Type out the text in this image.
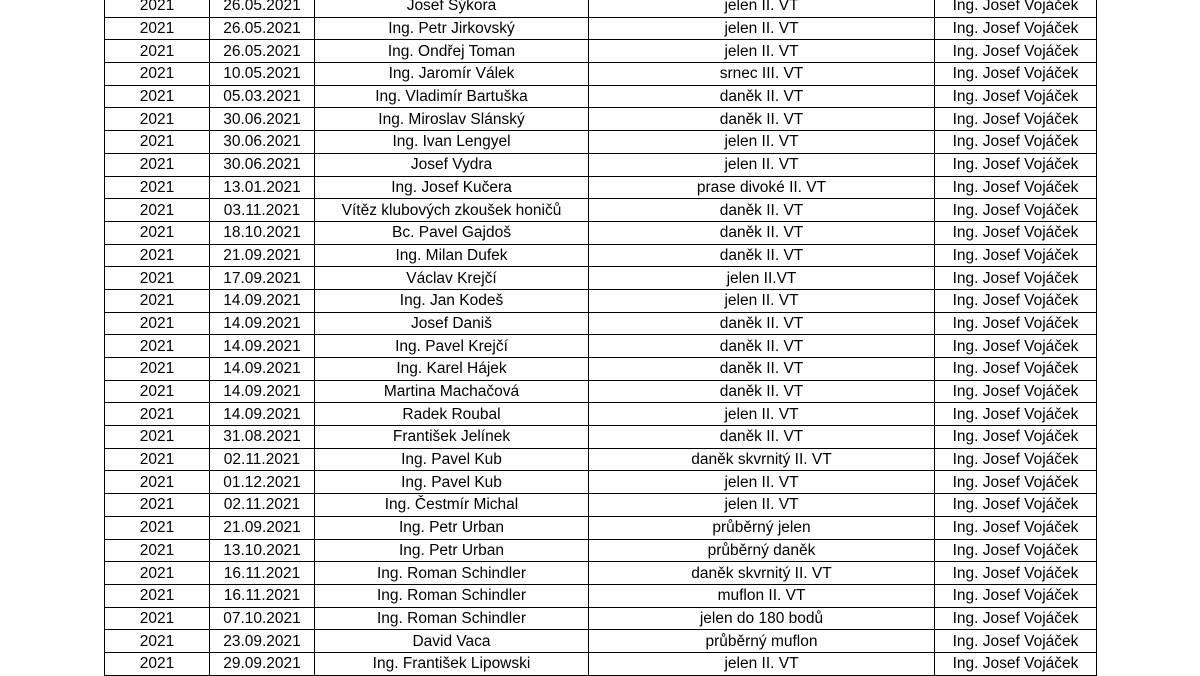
2021	26.05.2021	Josef Sýkora	jelen II. VT	Ing. Josef Vojáček
2021	26.05.2021	Ing. Petr Jirkovský	jelen II. VT	Ing. Josef Vojáček
2021	26.05.2021	Ing. Ondřej Toman	jelen II. VT	Ing. Josef Vojáček
2021	10.05.2021	Ing. Jaromír Válek	srnec III. VT	Ing. Josef Vojáček
2021	05.03.2021	Ing. Vladimír Bartuška	daněk II. VT	Ing. Josef Vojáček
2021	30.06.2021	Ing. Miroslav Slánský	daněk II. VT	Ing. Josef Vojáček
2021	30.06.2021	Ing. Ivan Lengyel	jelen II. VT	Ing. Josef Vojáček
2021	30.06.2021	Josef Vydra	jelen II. VT	Ing. Josef Vojáček
2021	13.01.2021	Ing. Josef Kučera	prase divoké II. VT	Ing. Josef Vojáček
2021	03.11.2021	Vítěz klubových zkoušek honičů	daněk II. VT	Ing. Josef Vojáček
2021	18.10.2021	Bc. Pavel Gajdoš	daněk II. VT	Ing. Josef Vojáček
2021	21.09.2021	Ing. Milan Dufek	daněk II. VT	Ing. Josef Vojáček
2021	17.09.2021	Václav Krejčí	jelen II.VT	Ing. Josef Vojáček
2021	14.09.2021	Ing. Jan Kodeš	jelen II. VT	Ing. Josef Vojáček
2021	14.09.2021	Josef Daniš	daněk II. VT	Ing. Josef Vojáček
2021	14.09.2021	Ing. Pavel Krejčí	daněk II. VT	Ing. Josef Vojáček
2021	14.09.2021	Ing. Karel Hájek	daněk II. VT	Ing. Josef Vojáček
2021	14.09.2021	Martina Machačová	daněk II. VT	Ing. Josef Vojáček
2021	14.09.2021	Radek Roubal	jelen II. VT	Ing. Josef Vojáček
2021	31.08.2021	František Jelínek	daněk II. VT	Ing. Josef Vojáček
2021	02.11.2021	Ing. Pavel Kub	daněk skvrnitý II. VT	Ing. Josef Vojáček
2021	01.12.2021	Ing. Pavel Kub	jelen II. VT	Ing. Josef Vojáček
2021	02.11.2021	Ing. Čestmír Michal	jelen II. VT	Ing. Josef Vojáček
2021	21.09.2021	Ing. Petr Urban	průběrný jelen	Ing. Josef Vojáček
2021	13.10.2021	Ing. Petr Urban	průběrný daněk	Ing. Josef Vojáček
2021	16.11.2021	Ing. Roman Schindler	daněk skvrnitý II. VT	Ing. Josef Vojáček
2021	16.11.2021	Ing. Roman Schindler	muflon II. VT	Ing. Josef Vojáček
2021	07.10.2021	Ing. Roman Schindler	jelen do 180 bodů	Ing. Josef Vojáček
2021	23.09.2021	David Vaca	průběrný muflon	Ing. Josef Vojáček
2021	29.09.2021	Ing. František Lipowski	jelen II. VT	Ing. Josef Vojáček
